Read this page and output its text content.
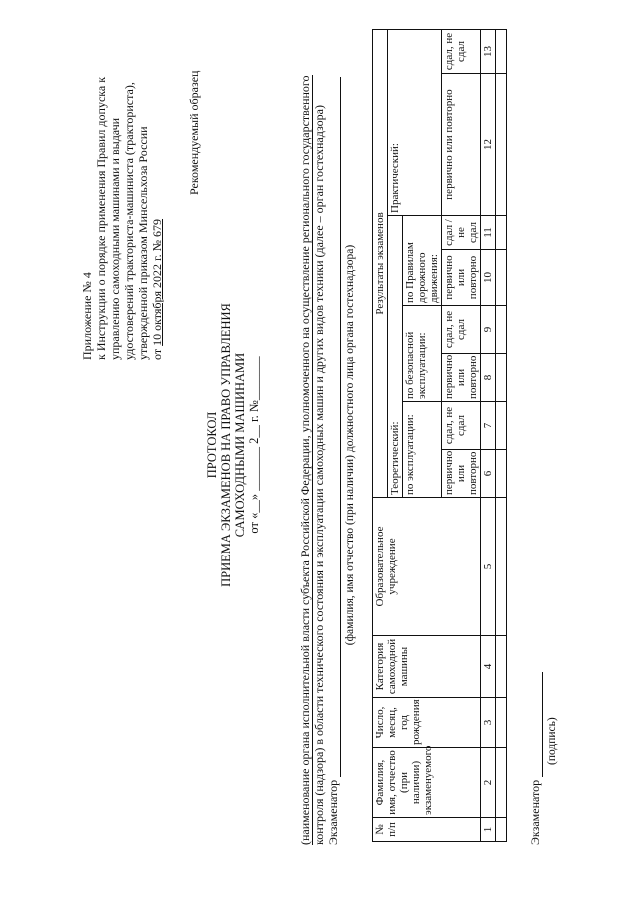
Приложение № 4 к Инструкции о порядке применения Правил допуска к управлению самоходными машинами и выдачи удостоверений тракториста-машиниста (тракториста), утвержденной приказом Минсельхоза России от 10 октября 2022 г. № 679
Рекомендуемый образец
ПРОТОКОЛ ПРИЕМА ЭКЗАМЕНОВ НА ПРАВО УПРАВЛЕНИЯ САМОХОДНЫМИ МАШИНАМИ от «__» _______ 2__ г. №_______	(наименование органа исполнительной власти субъекта Российской Федерации, уполномоченного на осуществление регионального государственного контроля (надзора) в области технического состояния и эксплуатации самоходных машин и других видов техники (далее – орган гостехнадзора) Экзаменатор
(фамилия, имя отчество (при наличии) должностного лица органа гостехнадзора)
№ п/п	Фамилия, имя, отчество (при наличии) экзаменуемого	Число, месяц, год рождения	Категория самоходной машины	Образовательное учреждение	Результаты экзаменов							
					Теоретический:						Практический:	
					по эксплуатации:		по безопасной эксплуатации:		по Правилам дорожного движения:			
					первично или повторно	сдал, не сдал	первично или повторно	сдал, не сдал	первично или повторно	сдал / не сдал	первично или повторно	сдал, не сдал
1	2	3	4	5	6	7	8	9	10	11	12	13

Экзаменатор
(подпись)
